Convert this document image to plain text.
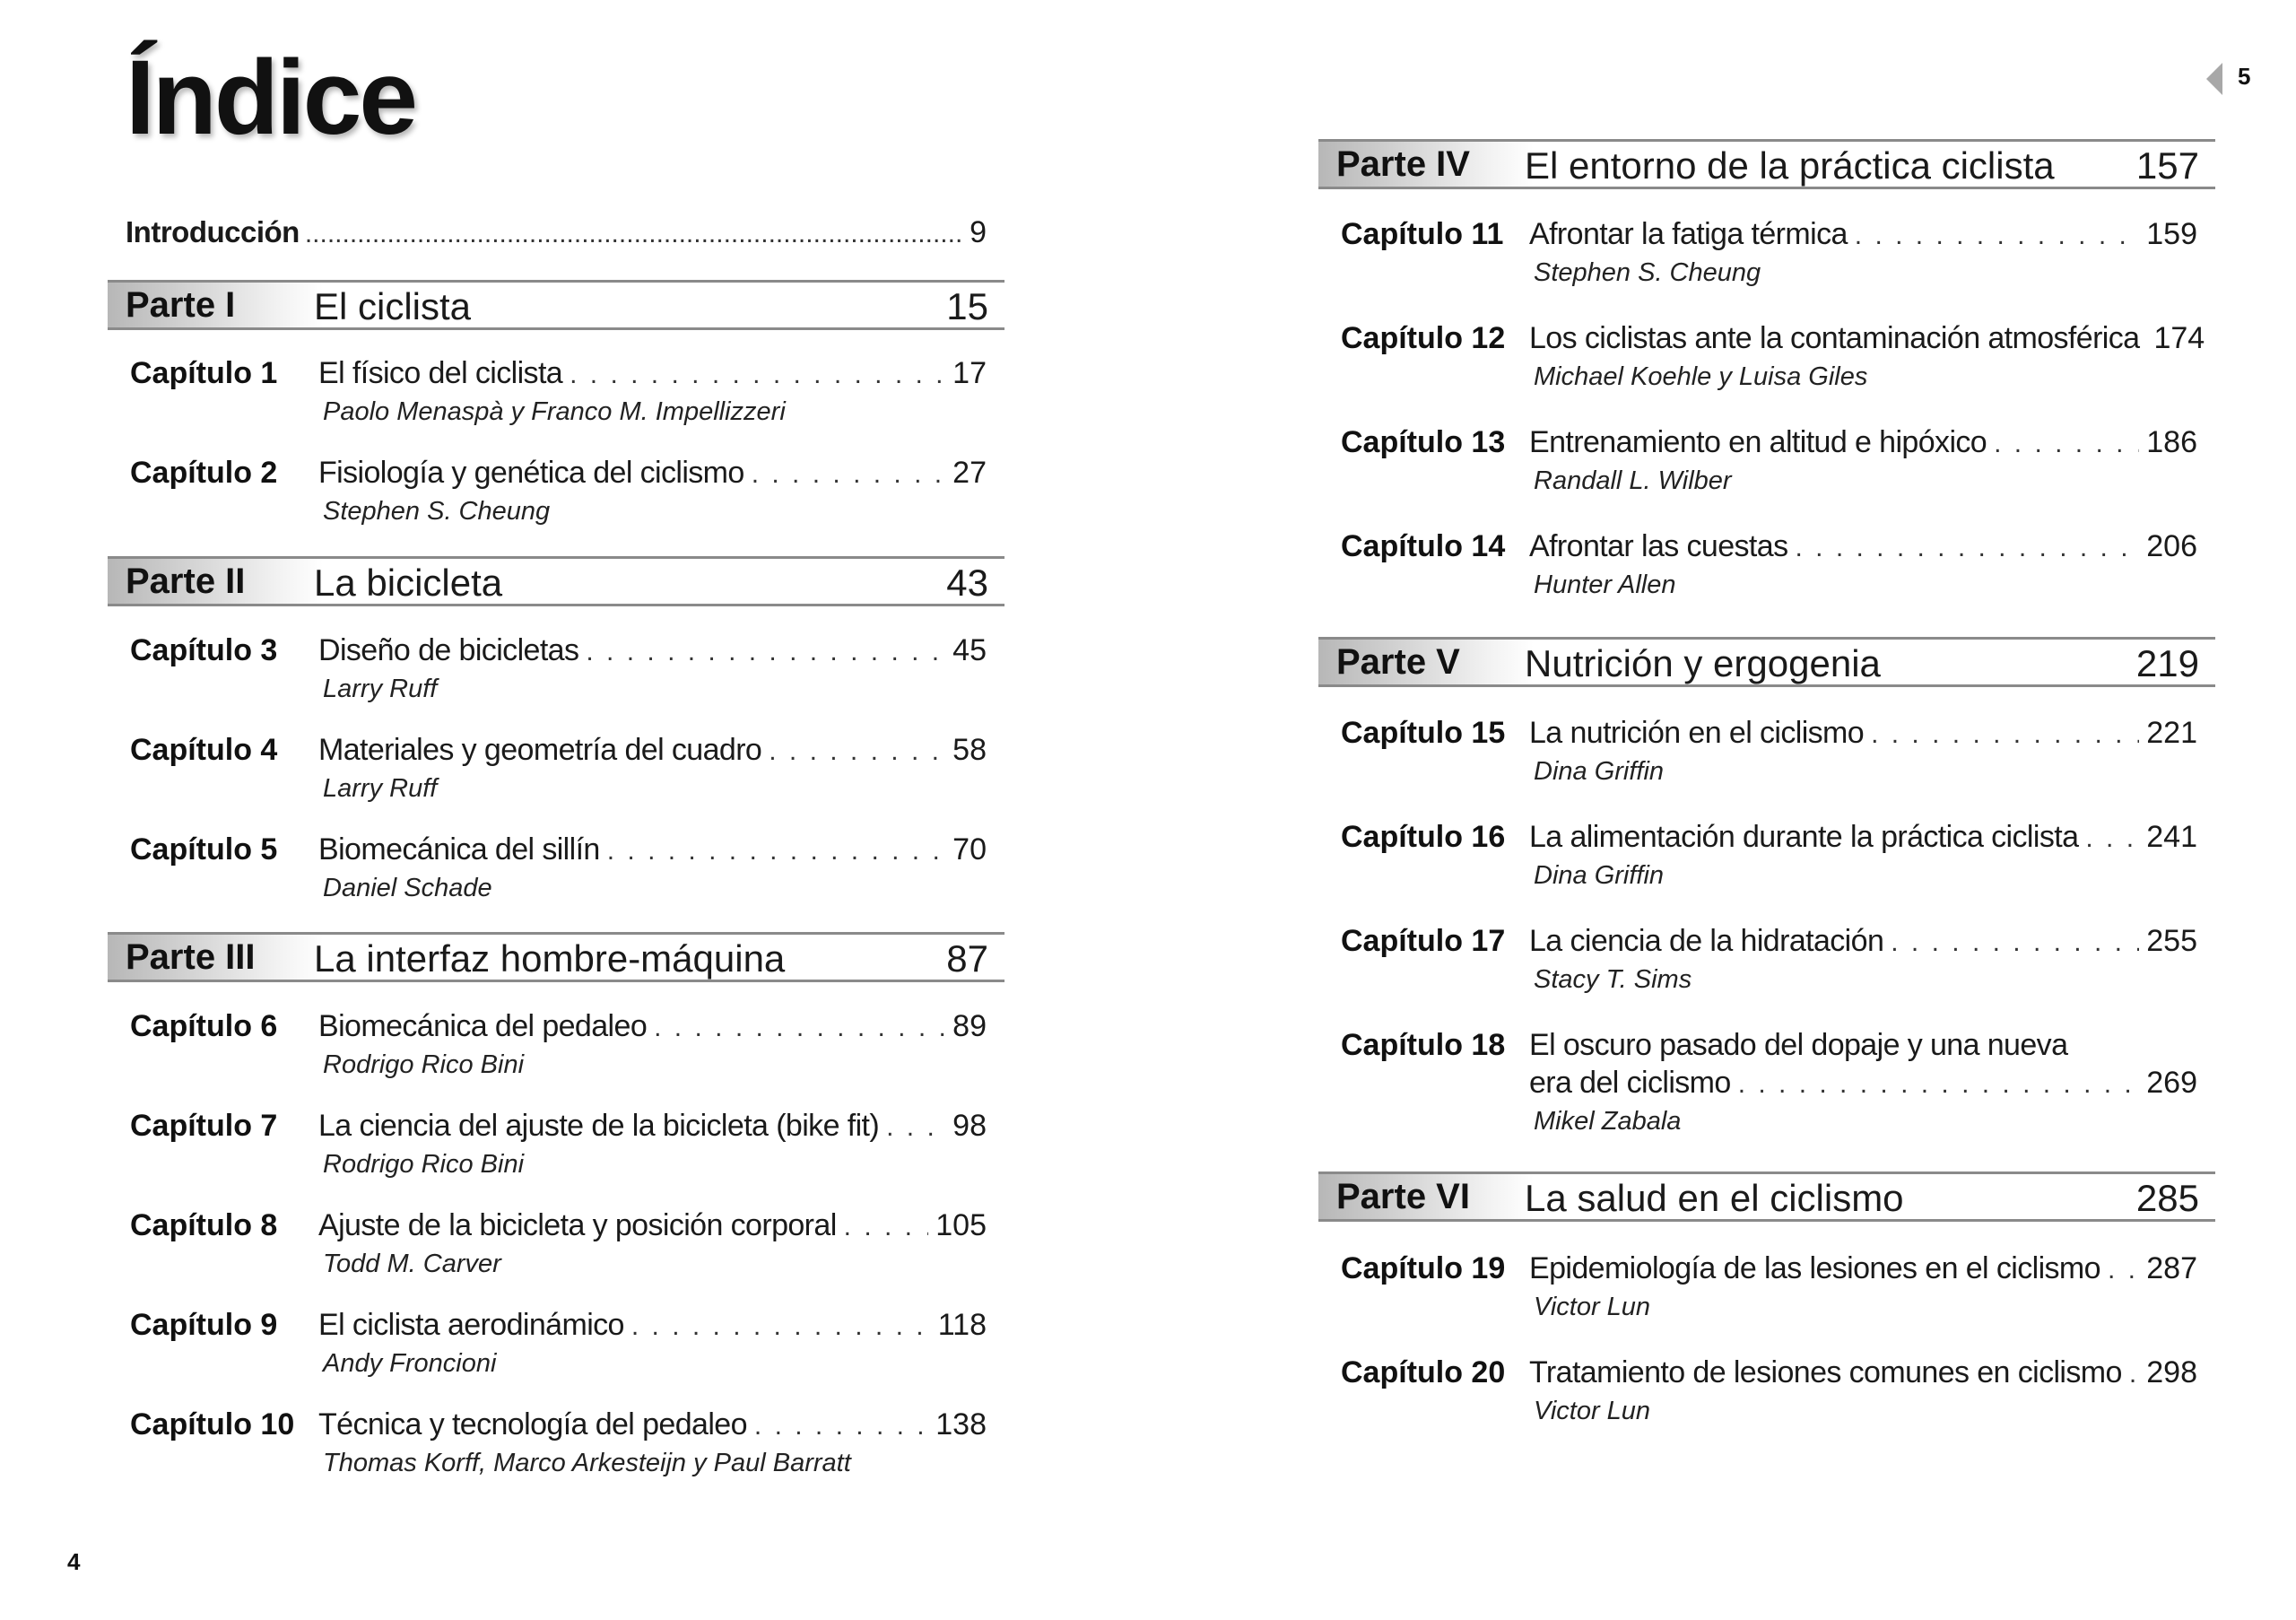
Índice
Introducción .....	9
Parte I El ciclista	15
Capítulo 1 El físico del ciclista . . .	17
Paolo Menaspà y Franco M. Impellizzeri
Capítulo 2 Fisiología y genética del ciclismo . . .	27
Stephen S. Cheung
Parte II La bicicleta	43
Capítulo 3 Diseño de bicicletas . . .	45
Larry Ruff
Capítulo 4 Materiales y geometría del cuadro . . .	58
Larry Ruff
Capítulo 5 Biomecánica del sillín . . .	70
Daniel Schade
Parte III La interfaz hombre-máquina	87
Capítulo 6 Biomecánica del pedaleo . . .	89
Rodrigo Rico Bini
Capítulo 7 La ciencia del ajuste de la bicicleta (bike fit) . . . 98
Rodrigo Rico Bini
Capítulo 8 Ajuste de la bicicleta y posición corporal . . .	105
Todd M. Carver
Capítulo 9 El ciclista aerodinámico . . .	118
Andy Froncioni
Capítulo 10 Técnica y tecnología del pedaleo . . .	138
Thomas Korff, Marco Arkesteijn y Paul Barratt
4
5
Parte IV El entorno de la práctica ciclista 157
Capítulo 11 Afrontar la fatiga térmica . . .	159
Stephen S. Cheung
Capítulo 12 Los ciclistas ante la contaminación atmosférica 174
Michael Koehle y Luisa Giles
Capítulo 13 Entrenamiento en altitud e hipóxico . . .	186
Randall L. Wilber
Capítulo 14 Afrontar las cuestas . . .	206
Hunter Allen
Parte V Nutrición y ergogenia	219
Capítulo 15 La nutrición en el ciclismo . . .	221
Dina Griffin
Capítulo 16 La alimentación durante la práctica ciclista . . . 241
Dina Griffin
Capítulo 17 La ciencia de la hidratación . . .	255
Stacy T. Sims
Capítulo 18 El oscuro pasado del dopaje y una nueva
era del ciclismo . . .	269
Mikel Zabala
Parte VI La salud en el ciclismo	285
Capítulo 19 Epidemiología de las lesiones en el ciclismo . . . 287
Victor Lun
Capítulo 20 Tratamiento de lesiones comunes en ciclismo . . . 298
Victor Lun
